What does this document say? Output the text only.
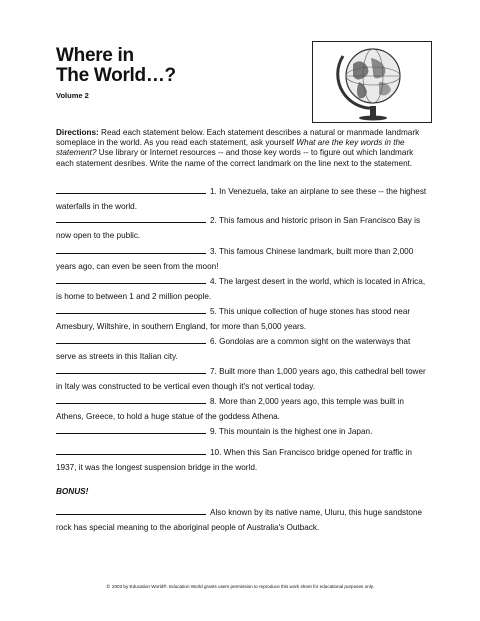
Where in
The World…?
Volume 2
Directions: Read each statement below. Each statement describes a natural or manmade landmark someplace in the world. As you read each statement, ask yourself What are the key words in the statement? Use library or Internet resources -- and those key words -- to figure out which landmark each statement desribes. Write the name of the correct landmark on the line next to the statement.
1. In Venezuela, take an airplane to see these -- the highest waterfalls in the world.
2. This famous and historic prison in San Francisco Bay is now open to the public.
3. This famous Chinese landmark, built more than 2,000 years ago, can even be seen from the moon!
4. The largest desert in the world, which is located in Africa, is home to between 1 and 2 million people.
5. This unique collection of huge stones has stood near Amesbury, Wiltshire, in southern England, for more than 5,000 years.
6. Gondolas are a common sight on the waterways that serve as streets in this Italian city.
7. Built more than 1,000 years ago, this cathedral bell tower in Italy was constructed to be vertical even though it's not vertical today.
8. More than 2,000 years ago, this temple was built in Athens, Greece, to hold a huge statue of the goddess Athena.
9. This mountain is the highest one in Japan.
10. When this San Francisco bridge opened for traffic in 1937, it was the longest suspension bridge in the world.
BONUS!
Also known by its native name, Uluru, this huge sandstone rock has special meaning to the aboriginal people of Australia's Outback.
© 2003 by Education World®. Education World grants users permission to reproduce this work sheet for educational purposes only.
